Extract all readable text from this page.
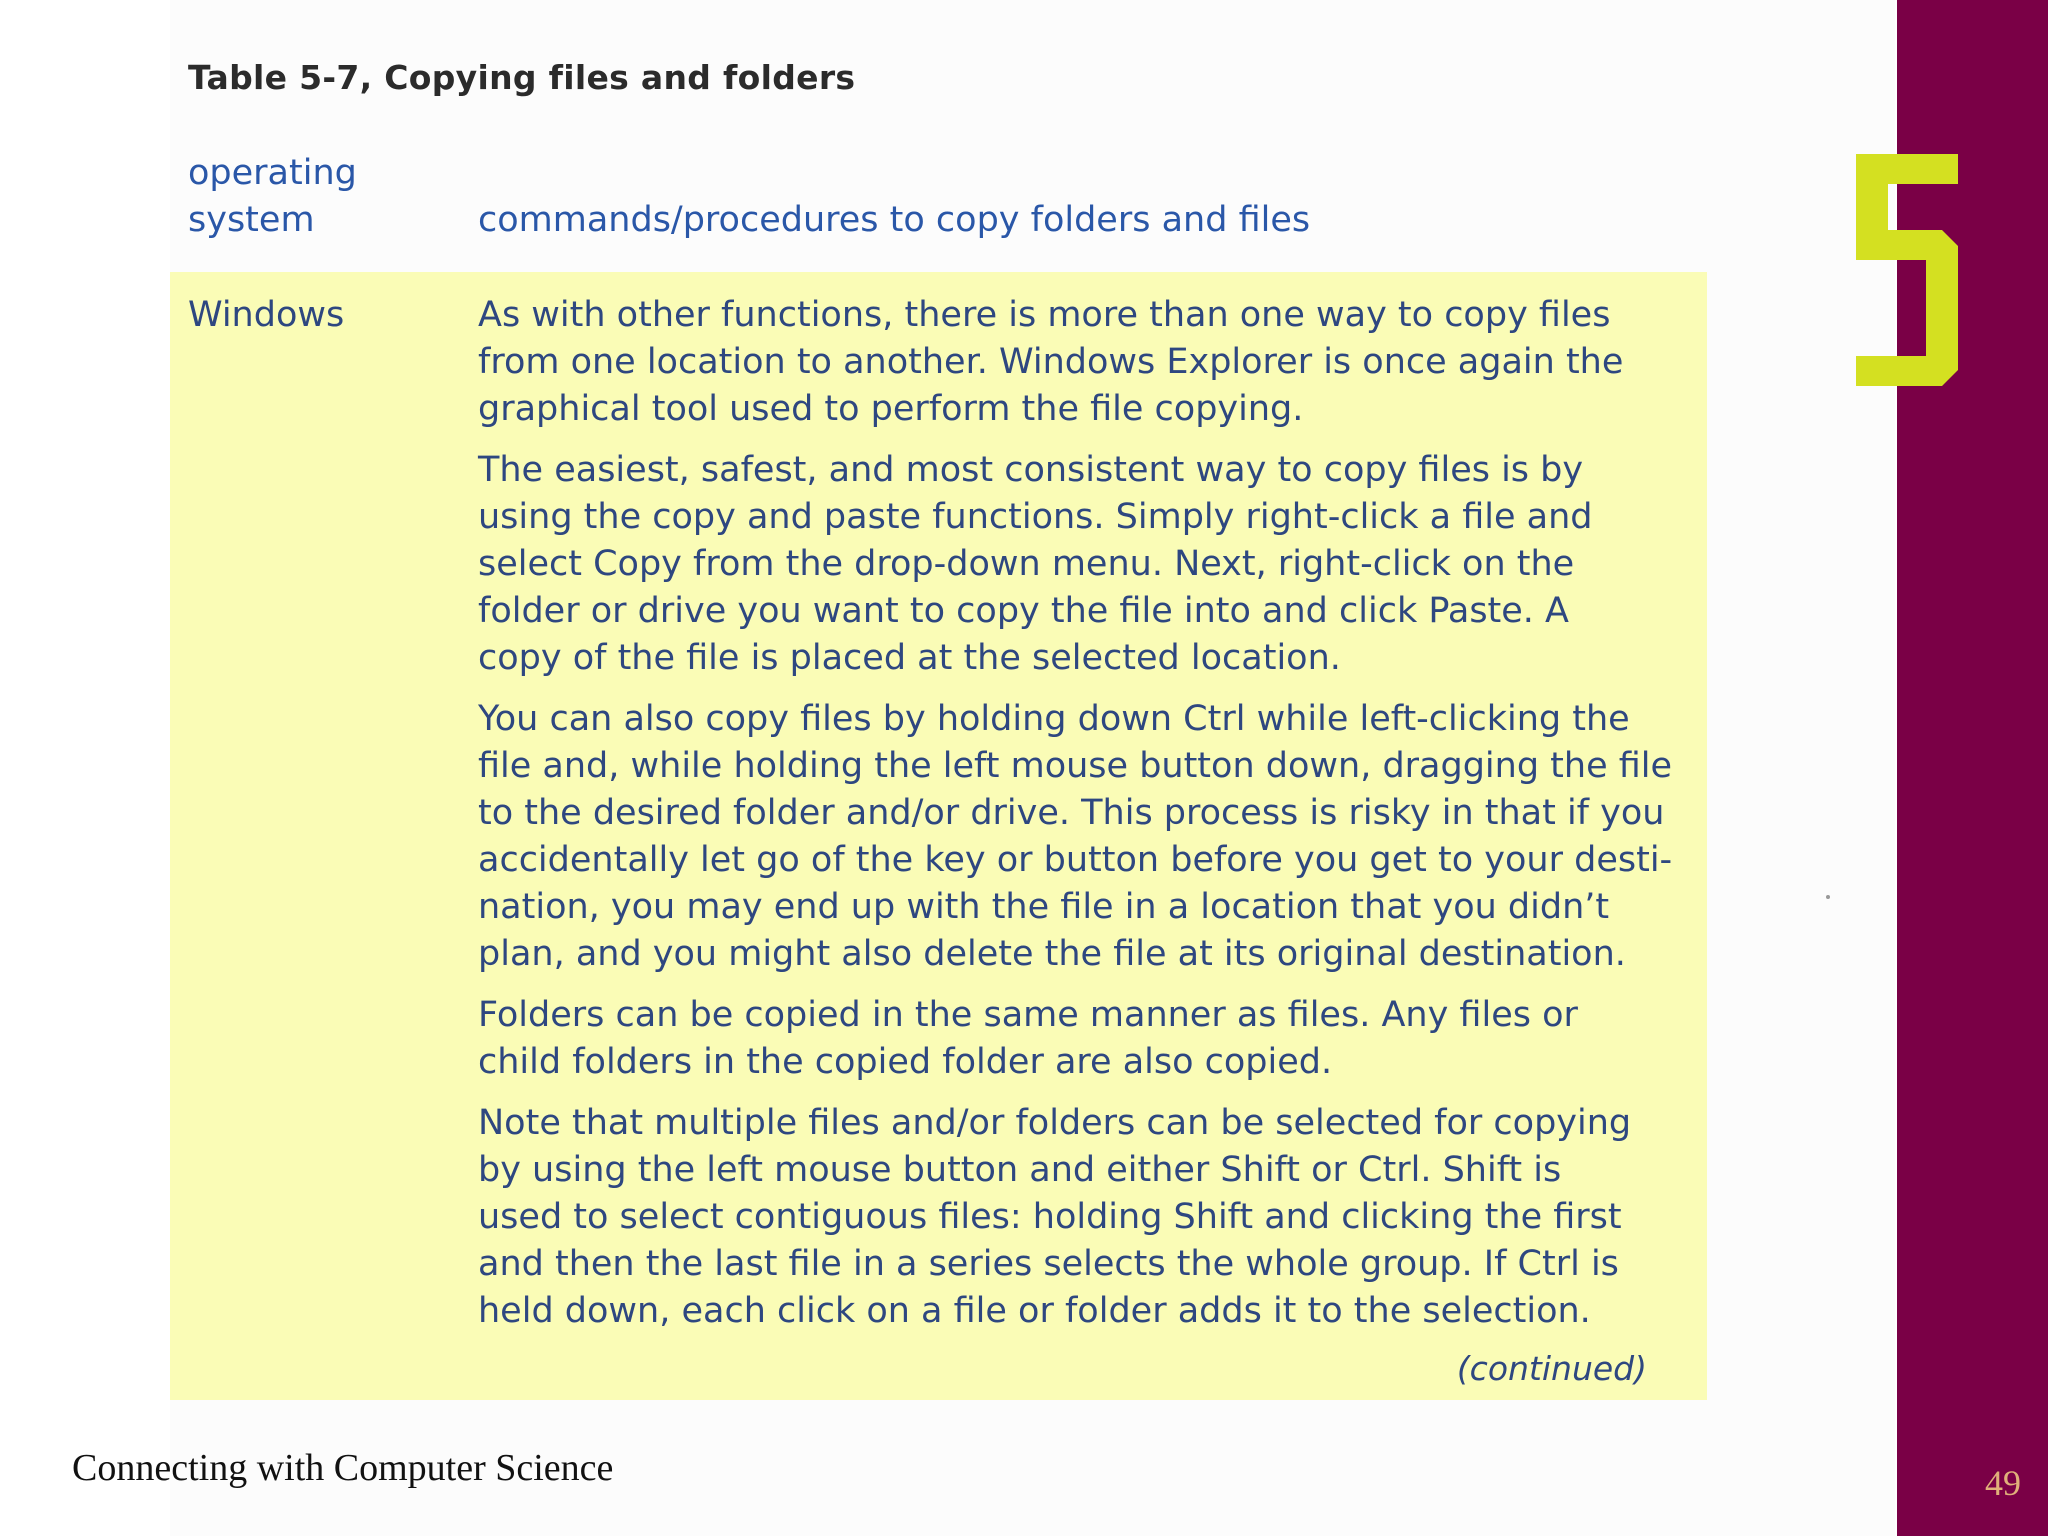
Table 5-7, Copying files and folders
operating
system	commands/procedures to copy folders and files
Windows	As with other functions, there is more than one way to copy files
from one location to another. Windows Explorer is once again the
graphical tool used to perform the file copying.

The easiest, safest, and most consistent way to copy files is by
using the copy and paste functions. Simply right-click a file and
select Copy from the drop-down menu. Next, right-click on the
folder or drive you want to copy the file into and click Paste. A
copy of the file is placed at the selected location.

You can also copy files by holding down Ctrl while left-clicking the
file and, while holding the left mouse button down, dragging the file
to the desired folder and/or drive. This process is risky in that if you
accidentally let go of the key or button before you get to your desti-
nation, you may end up with the file in a location that you didn’t
plan, and you might also delete the file at its original destination.

Folders can be copied in the same manner as files. Any files or
child folders in the copied folder are also copied.

Note that multiple files and/or folders can be selected for copying
by using the left mouse button and either Shift or Ctrl. Shift is
used to select contiguous files: holding Shift and clicking the first
and then the last file in a series selects the whole group. If Ctrl is
held down, each click on a file or folder adds it to the selection.

(continued)
Connecting with Computer Science	49
